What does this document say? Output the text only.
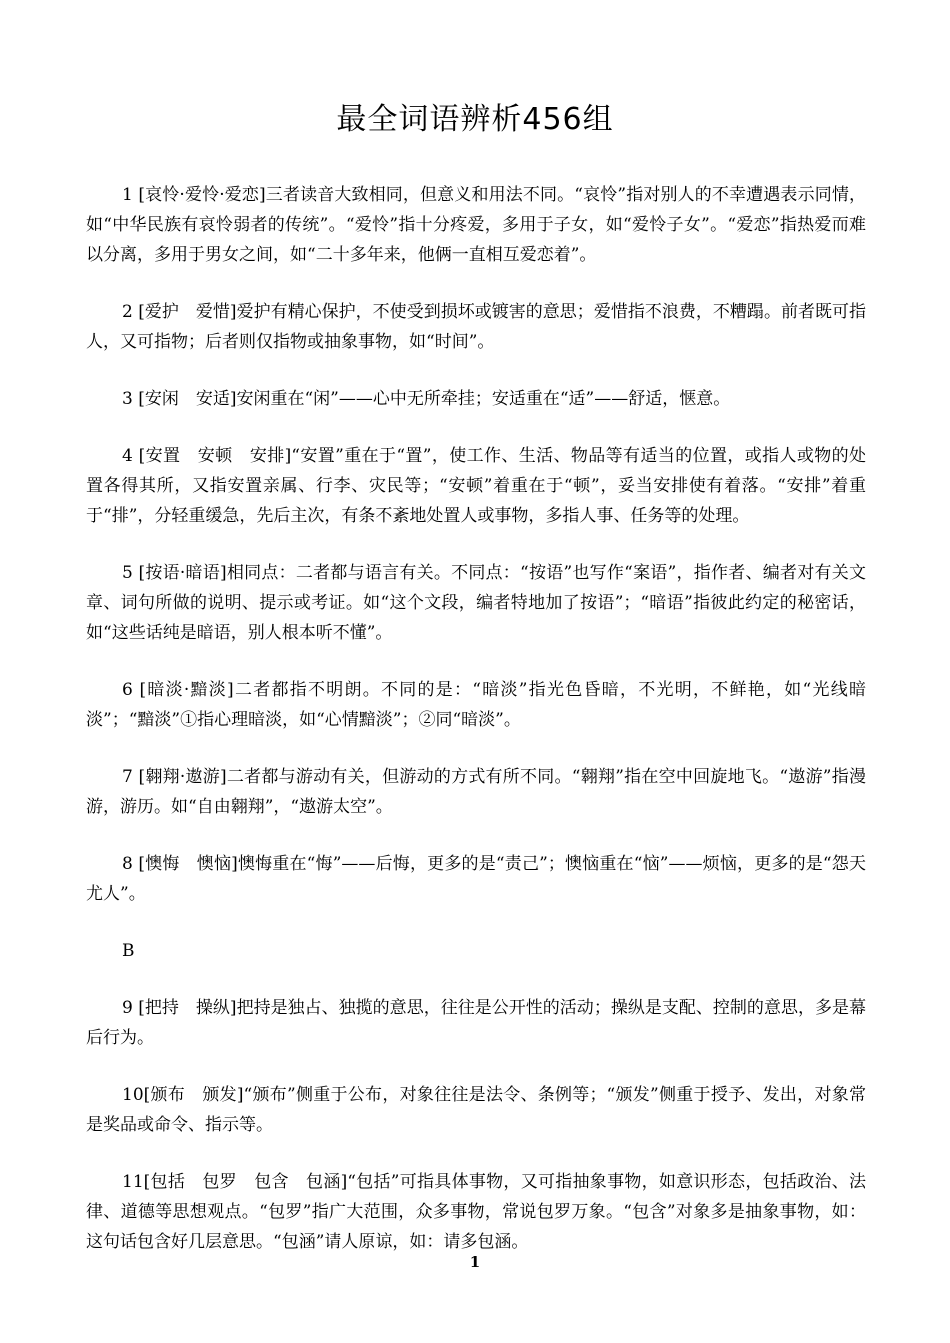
最全词语辨析456组

1 [哀怜·爱怜·爱恋]三者读音大致相同，但意义和用法不同。“哀怜”指对别人的不幸遭遇表示同情，如“中华民族有哀怜弱者的传统”。“爱怜”指十分疼爱，多用于子女，如“爱怜子女”。“爱恋”指热爱而难以分离，多用于男女之间，如“二十多年来，他俩一直相互爱恋着”。

2 [爱护　爱惜]爱护有精心保护，不使受到损坏或镀害的意思；爱惜指不浪费，不糟蹋。前者既可指人，又可指物；后者则仅指物或抽象事物，如“时间”。

3 [安闲　安适]安闲重在“闲”——心中无所牵挂；安适重在“适”——舒适，惬意。

4 [安置　安顿　安排]“安置”重在于“置”，使工作、生活、物品等有适当的位置，或指人或物的处置各得其所，又指安置亲属、行李、灾民等；“安顿”着重在于“顿”，妥当安排使有着落。“安排”着重于“排”，分轻重缓急，先后主次，有条不紊地处置人或事物，多指人事、任务等的处理。

5 [按语·暗语]相同点：二者都与语言有关。不同点：“按语”也写作“案语”，指作者、编者对有关文章、词句所做的说明、提示或考证。如“这个文段，编者特地加了按语”；“暗语”指彼此约定的秘密话，如“这些话纯是暗语，别人根本听不懂”。

6 [暗淡·黯淡]二者都指不明朗。不同的是：“暗淡”指光色昏暗，不光明，不鲜艳，如“光线暗淡”；“黯淡”①指心理暗淡，如“心情黯淡”；②同“暗淡”。

7 [翱翔·遨游]二者都与游动有关，但游动的方式有所不同。“翱翔”指在空中回旋地飞。“遨游”指漫游，游历。如“自由翱翔”，“遨游太空”。

8 [懊悔　懊恼]懊悔重在“悔”——后悔，更多的是“责己”；懊恼重在“恼”——烦恼，更多的是“怨天尤人”。

B

9 [把持　操纵]把持是独占、独揽的意思，往往是公开性的活动；操纵是支配、控制的意思，多是幕后行为。

10[颁布　颁发]“颁布”侧重于公布，对象往往是法令、条例等；“颁发”侧重于授予、发出，对象常是奖品或命令、指示等。

11[包括　包罗　包含　包涵]“包括”可指具体事物，又可指抽象事物，如意识形态，包括政治、法律、道德等思想观点。“包罗”指广大范围，众多事物，常说包罗万象。“包含”对象多是抽象事物，如：这句话包含好几层意思。“包涵”请人原谅，如：请多包涵。

1
